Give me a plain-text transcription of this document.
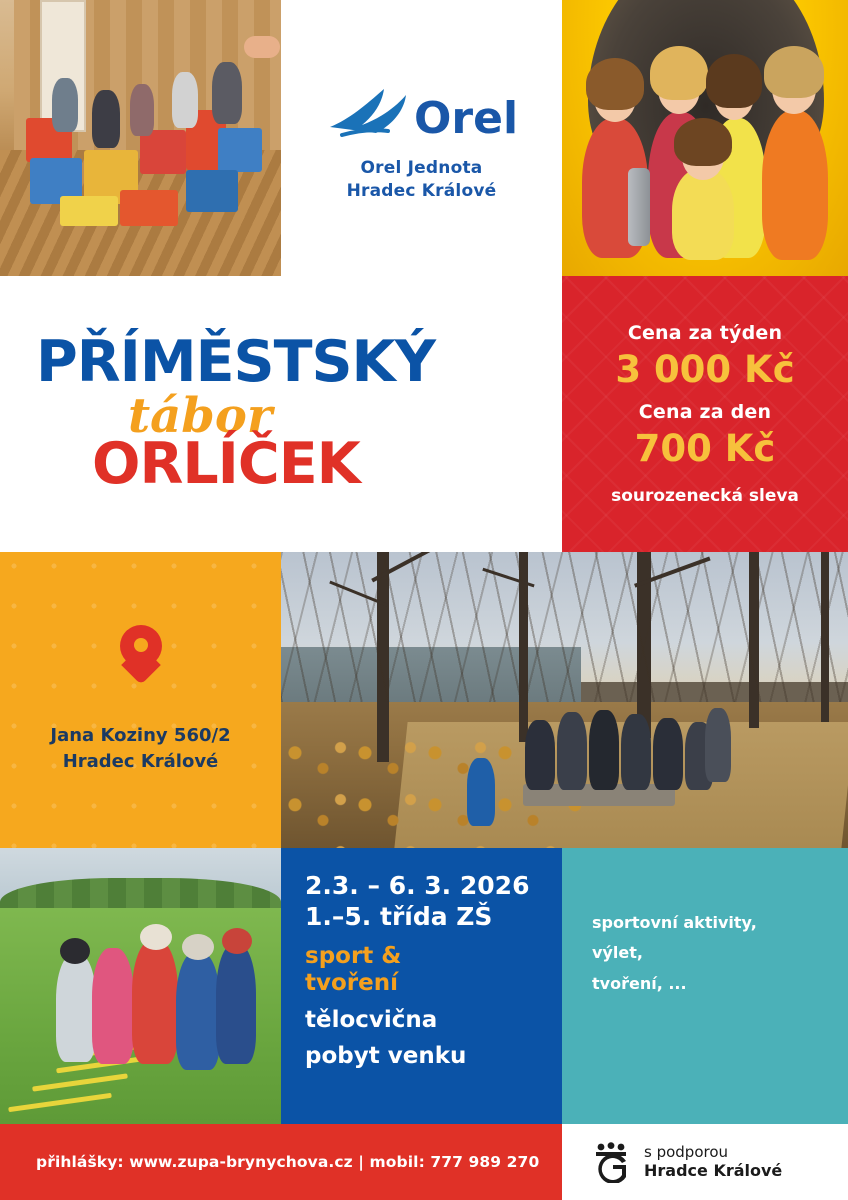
Orel
Orel Jednota
Hradec Králové
PŘÍMĚSTSKÝ
tábor
ORLÍČEK
Cena za týden
3 000 Kč
Cena za den
700 Kč
sourozenecká sleva
Jana Koziny 560/2
Hradec Králové
2.3. – 6. 3. 2026
1.–5. třída ZŠ
sport &
tvoření
tělocvična
pobyt venku
sportovní aktivity,
výlet,
tvoření, ...
přihlášky: www.zupa-brynychova.cz | mobil: 777 989 270
s podporou
Hradce Králové
